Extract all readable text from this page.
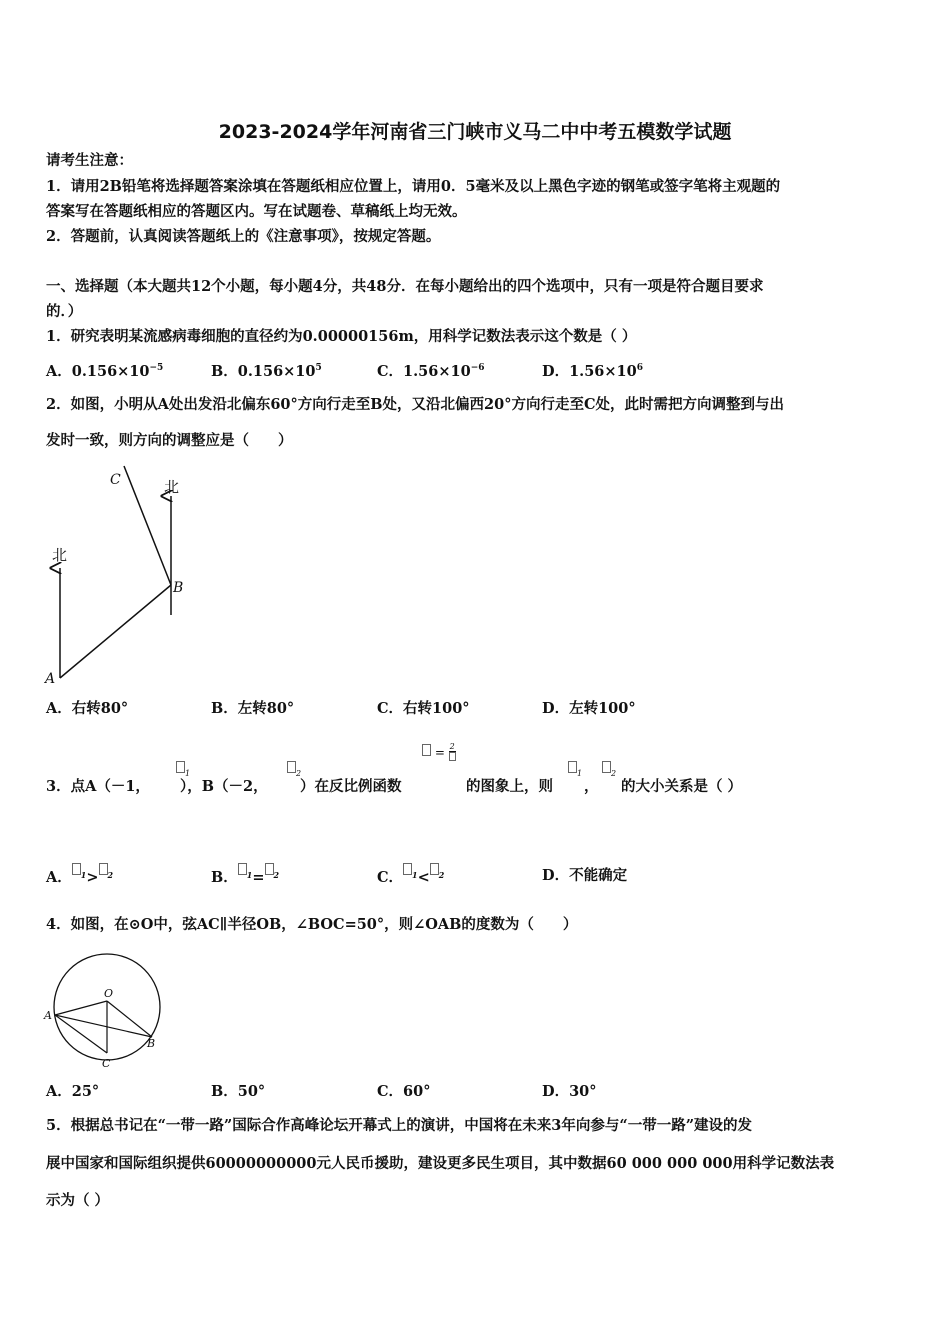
2023-2024学年河南省三门峡市义马二中中考五模数学试题
请考生注意：
1．请用2B铅笔将选择题答案涂填在答题纸相应位置上，请用0．5毫米及以上黑色字迹的钢笔或签字笔将主观题的
答案写在答题纸相应的答题区内。写在试题卷、草稿纸上均无效。
2．答题前，认真阅读答题纸上的《注意事项》，按规定答题。
一、选择题（本大题共12个小题，每小题4分，共48分．在每小题给出的四个选项中，只有一项是符合题目要求
的．）
1．研究表明某流感病毒细胞的直径约为0.00000156m，用科学记数法表示这个数是（ ）
A．$0.156\times 10^{-5}$	B．$0.156\times 10^5$	C．$1.56\times 10^{-6}$	D．$1.56\times 10^6$
2．如图，小明从A处出发沿北偏东60°方向行走至B处，又沿北偏西20°方向行走至C处，此时需把方向调整到与出
发时一致，则方向的调整应是（　　）
北
北
A
B
C
A．右转80°	B．左转80°	C．右转100°	D．左转100°
= 2
$_1$	$_2$	$_1$	$_2$
3．点A（－1， ），B（－2， ）在反比例函数	的图象上，则 ， 的大小关系是（ ）
A． $_1$> $_2$	B． $_1$= $_2$	C． $_1$< $_2$	D．不能确定
4．如图，在⊙O中，弦AC∥半径OB，∠BOC=50°，则∠OAB的度数为（　　）
O
A
B
C
A．25°	B．50°	C．60°	D．30°
5．根据总书记在“一带一路”国际合作高峰论坛开幕式上的演讲，中国将在未来3年向参与“一带一路”建设的发
展中国家和国际组织提供60000000000元人民币援助，建设更多民生项目，其中数据60 000 000 000用科学记数法表
示为（ ）
